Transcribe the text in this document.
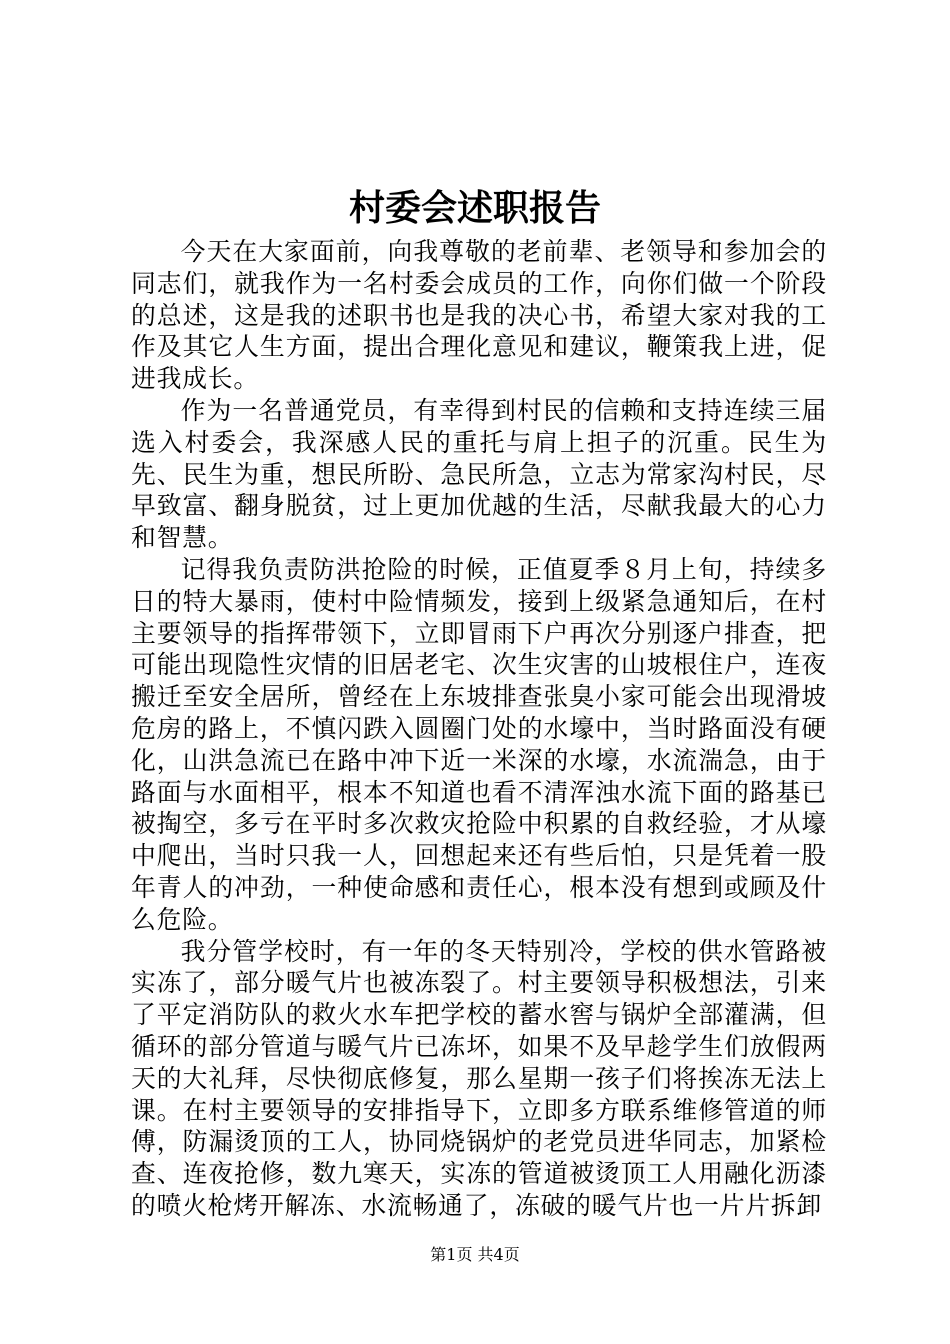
村委会述职报告

今天在大家面前，向我尊敬的老前辈、老领导和参加会的同志们，就我作为一名村委会成员的工作，向你们做一个阶段的总述，这是我的述职书也是我的决心书，希望大家对我的工作及其它人生方面，提出合理化意见和建议，鞭策我上进，促进我成长。

作为一名普通党员，有幸得到村民的信赖和支持连续三届选入村委会，我深感人民的重托与肩上担子的沉重。民生为先、民生为重，想民所盼、急民所急，立志为常家沟村民，尽早致富、翻身脱贫，过上更加优越的生活，尽献我最大的心力和智慧。

记得我负责防洪抢险的时候，正值夏季８月上旬，持续多日的特大暴雨，使村中险情频发，接到上级紧急通知后，在村主要领导的指挥带领下，立即冒雨下户再次分别逐户排查，把可能出现隐性灾情的旧居老宅、次生灾害的山坡根住户，连夜搬迁至安全居所，曾经在上东坡排查张臭小家可能会出现滑坡危房的路上，不慎闪跌入圆圈门处的水壕中，当时路面没有硬化，山洪急流已在路中冲下近一米深的水壕，水流湍急，由于路面与水面相平，根本不知道也看不清浑浊水流下面的路基已被掏空，多亏在平时多次救灾抢险中积累的自救经验，才从壕中爬出，当时只我一人，回想起来还有些后怕，只是凭着一股年青人的冲劲，一种使命感和责任心，根本没有想到或顾及什么危险。

我分管学校时，有一年的冬天特别冷，学校的供水管路被实冻了，部分暖气片也被冻裂了。村主要领导积极想法，引来了平定消防队的救火水车把学校的蓄水窖与锅炉全部灌满，但循环的部分管道与暖气片已冻坏，如果不及早趁学生们放假两天的大礼拜，尽快彻底修复，那么星期一孩子们将挨冻无法上课。在村主要领导的安排指导下，立即多方联系维修管道的师傅，防漏烫顶的工人，协同烧锅炉的老党员进华同志，加紧检查、连夜抢修，数九寒天，实冻的管道被烫顶工人用融化沥漆的喷火枪烤开解冻、水流畅通了，冻破的暖气片也一片片拆卸

第1页 共4页
